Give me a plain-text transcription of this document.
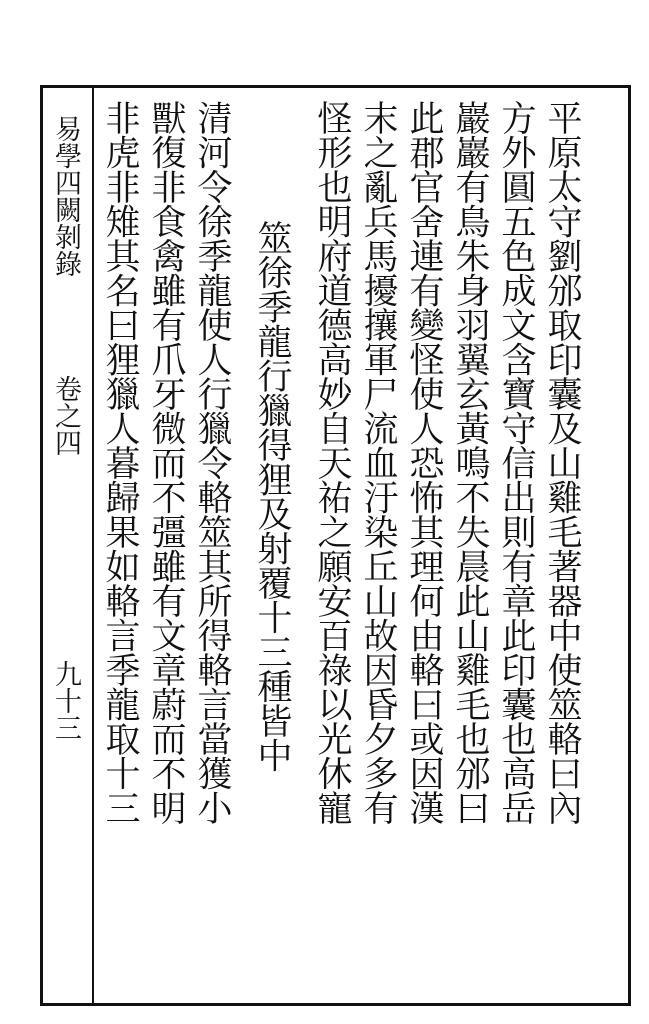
平原太守劉邠取印囊及山雞毛著器中使筮輅曰內
方外圓五色成文含寶守信出則有章此印囊也高岳
巖巖有鳥朱身羽翼玄黃鳴不失晨此山雞毛也邠曰
此郡官舍連有變怪使人恐怖其理何由輅曰或因漢
末之亂兵馬擾攘軍尸流血汙染丘山故因昏夕多有
怪形也明府道德高妙自天祐之願安百祿以光休寵
筮徐季龍行獵得狸及射覆十三種皆中
清河令徐季龍使人行獵令輅筮其所得輅言當獲小
獸復非食禽雖有爪牙微而不彊雖有文章蔚而不明
非虎非雉其名曰狸獵人暮歸果如輅言季龍取十三
易學四闕剝錄
卷之四
九十三
